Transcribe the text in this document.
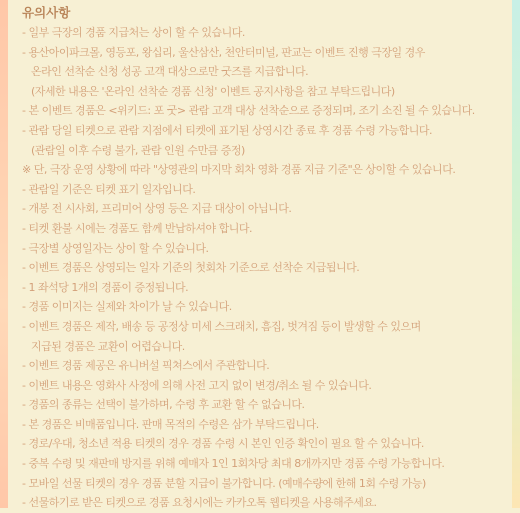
유의사항
- 일부 극장의 경품 지급처는 상이 할 수 있습니다.
- 용산아이파크몰, 영등포, 왕십리, 울산삼산, 천안터미널, 판교는 이벤트 진행 극장일 경우
온라인 선착순 신청 성공 고객 대상으로만 굿즈를 지급합니다.
(자세한 내용은 '온라인 선착순 경품 신청' 이벤트 공지사항을 참고 부탁드립니다)
- 본 이벤트 경품은 <위키드: 포 굿> 관람 고객 대상 선착순으로 증정되며, 조기 소진 될 수 있습니다.
- 관람 당일 티켓으로 관람 지점에서 티켓에 표기된 상영시간 종료 후 경품 수령 가능합니다.
(관람일 이후 수령 불가, 관람 인원 수만큼 증정)
※ 단, 극장 운영 상황에 따라 "상영관의 마지막 회차 영화 경품 지급 기준"은 상이할 수 있습니다.
- 관람일 기준은 티켓 표기 일자입니다.
- 개봉 전 시사회, 프리미어 상영 등은 지급 대상이 아닙니다.
- 티켓 환불 시에는 경품도 함께 반납하셔야 합니다.
- 극장별 상영일자는 상이 할 수 있습니다.
- 이벤트 경품은 상영되는 일자 기준의 첫회차 기준으로 선착순 지급됩니다.
- 1 좌석당 1개의 경품이 증정됩니다.
- 경품 이미지는 실제와 차이가 날 수 있습니다.
- 이벤트 경품은 제작, 배송 등 공정상 미세 스크래치, 흠집, 벗겨짐 등이 발생할 수 있으며
지급된 경품은 교환이 어렵습니다.
- 이벤트 경품 제공은 유니버설 픽쳐스에서 주관합니다.
- 이벤트 내용은 영화사 사정에 의해 사전 고지 없이 변경/취소 될 수 있습니다.
- 경품의 종류는 선택이 불가하며, 수령 후 교환 할 수 없습니다.
- 본 경품은 비매품입니다. 판매 목적의 수령은 삼가 부탁드립니다.
- 경로/우대, 청소년 적용 티켓의 경우 경품 수령 시 본인 인증 확인이 필요 할 수 있습니다.
- 중복 수령 및 재판매 방지를 위해 예매자 1인 1회차당 최대 8개까지만 경품 수령 가능합니다.
- 모바일 선물 티켓의 경우 경품 분할 지급이 불가합니다. (예매수량에 한해 1회 수령 가능)
- 선물하기로 받은 티켓으로 경품 요청시에는 카카오톡 웹티켓을 사용해주세요.
